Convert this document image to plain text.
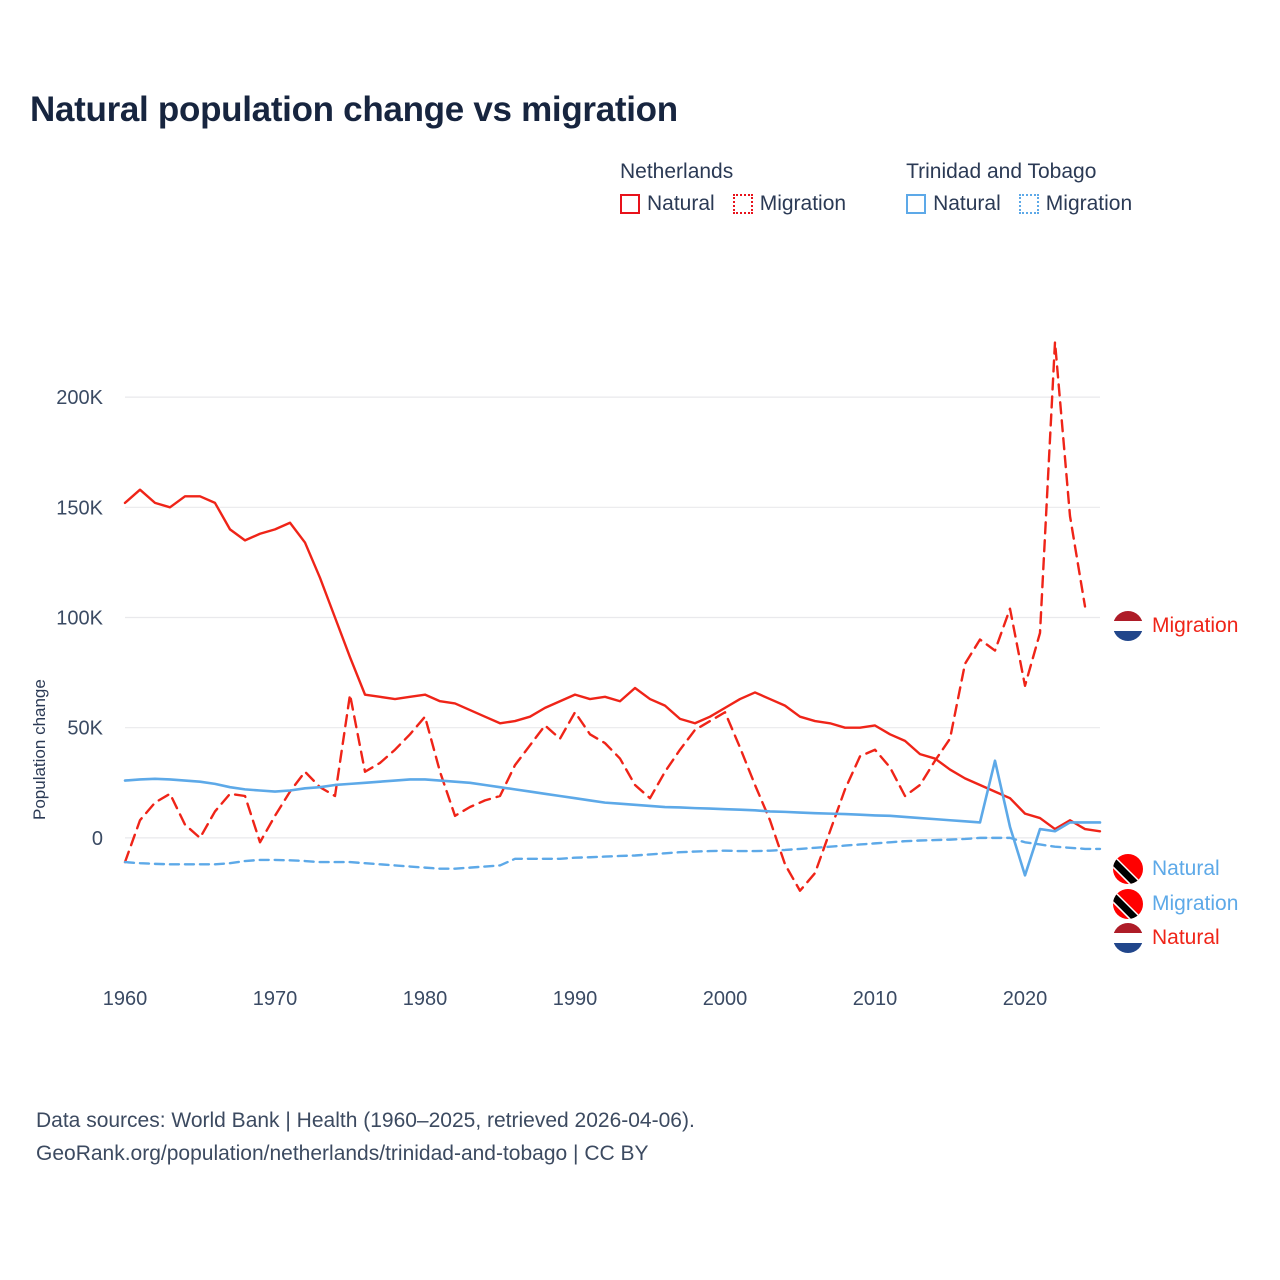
Natural population change vs migration
Netherlands
Natural Migration
Trinidad and Tobago
Natural Migration
Population change
0
50K
100K
150K
200K
1960	1970	1980	1990	2000	2010	2020
Migration
Natural
Migration
Natural
Data sources: World Bank | Health (1960–2025, retrieved 2026-04-06).
GeoRank.org/population/netherlands/trinidad-and-tobago | CC BY
